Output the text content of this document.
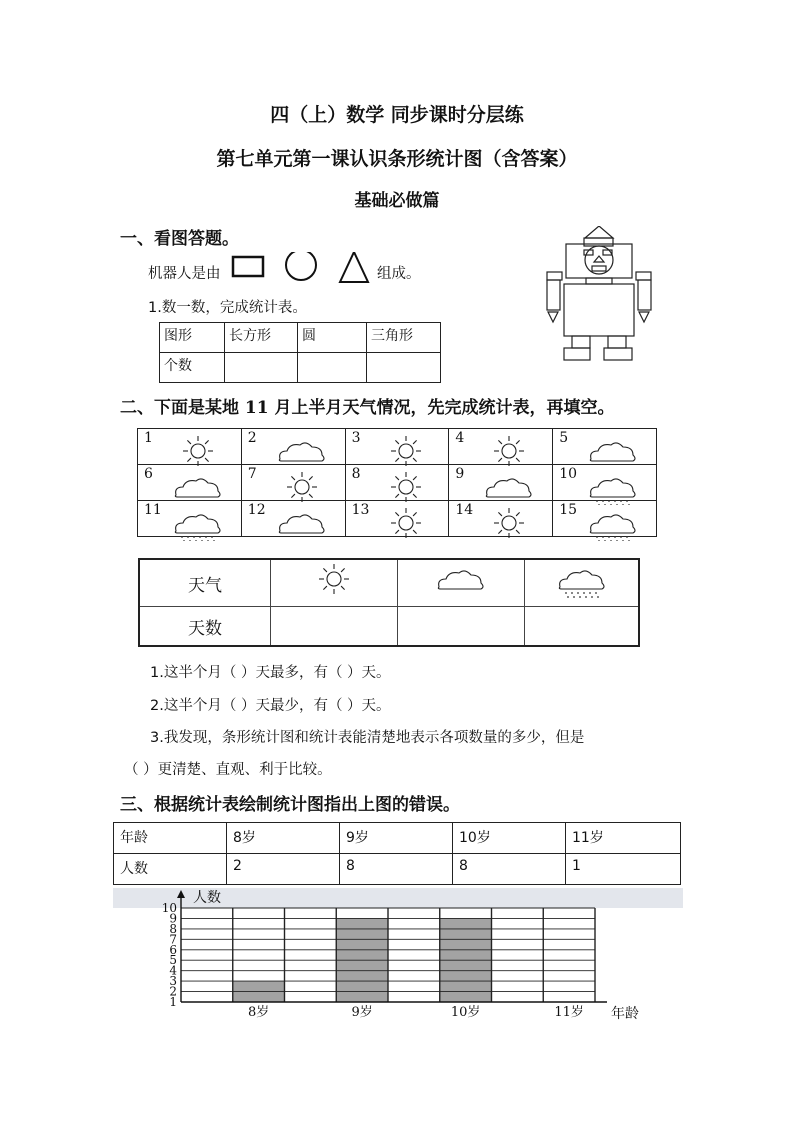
四（上）数学 同步课时分层练
第七单元第一课认识条形统计图（含答案）
基础必做篇
一、看图答题。
机器人是由	组成。
1.数一数，完成统计表。
图形	长方形	圆	三角形
个数			
二、下面是某地 11 月上半月天气情况，先完成统计表，再填空。
1	2	3	4	5

6	7	8	9	10

11	12	13	14	15
天气			
天数			
1.这半个月（ ）天最多，有（ ）天。
2.这半个月（ ）天最少，有（ ）天。
3.我发现，条形统计图和统计表能清楚地表示各项数量的多少，但是
（ ）更清楚、直观、利于比较。
三、根据统计表绘制统计图指出上图的错误。
年龄	8岁	9岁	10岁	11岁
人数	2	8	8	1
10
9
8
7
6
5
4
3
2
1
8岁	9岁	10岁	11岁
人数
年龄
